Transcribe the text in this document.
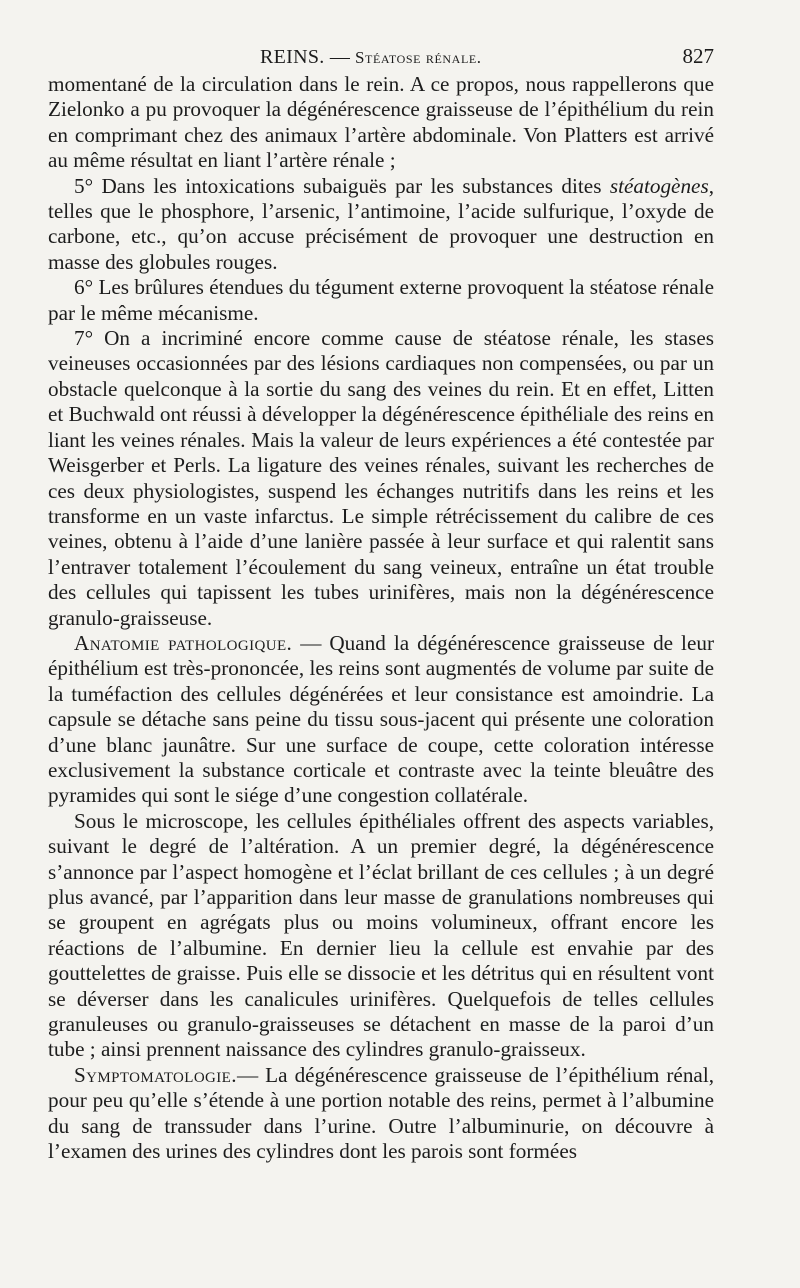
REINS. — Stéatose rénale.	827

momentané de la circulation dans le rein. A ce propos, nous rappellerons que Zielonko a pu provoquer la dégénérescence graisseuse de l’épithélium du rein en comprimant chez des animaux l’artère abdominale. Von Platters est arrivé au même résultat en liant l’artère rénale ;

5° Dans les intoxications subaiguës par les substances dites stéatogènes, telles que le phosphore, l’arsenic, l’antimoine, l’acide sulfurique, l’oxyde de carbone, etc., qu’on accuse précisément de provoquer une destruction en masse des globules rouges.

6° Les brûlures étendues du tégument externe provoquent la stéatose rénale par le même mécanisme.

7° On a incriminé encore comme cause de stéatose rénale, les stases veineuses occasionnées par des lésions cardiaques non compensées, ou par un obstacle quelconque à la sortie du sang des veines du rein. Et en effet, Litten et Buchwald ont réussi à développer la dégénérescence épithéliale des reins en liant les veines rénales. Mais la valeur de leurs expériences a été contestée par Weisgerber et Perls. La ligature des veines rénales, suivant les recherches de ces deux physiologistes, suspend les échanges nutritifs dans les reins et les transforme en un vaste infarctus. Le simple rétrécissement du calibre de ces veines, obtenu à l’aide d’une lanière passée à leur surface et qui ralentit sans l’entraver totalement l’écoulement du sang veineux, entraîne un état trouble des cellules qui tapissent les tubes urinifères, mais non la dégénérescence granulo-graisseuse.

Anatomie pathologique. — Quand la dégénérescence graisseuse de leur épithélium est très-prononcée, les reins sont augmentés de volume par suite de la tuméfaction des cellules dégénérées et leur consistance est amoindrie. La capsule se détache sans peine du tissu sous-jacent qui présente une coloration d’une blanc jaunâtre. Sur une surface de coupe, cette coloration intéresse exclusivement la substance corticale et contraste avec la teinte bleuâtre des pyramides qui sont le siége d’une congestion collatérale.

Sous le microscope, les cellules épithéliales offrent des aspects variables, suivant le degré de l’altération. A un premier degré, la dégénérescence s’annonce par l’aspect homogène et l’éclat brillant de ces cellules ; à un degré plus avancé, par l’apparition dans leur masse de granulations nombreuses qui se groupent en agrégats plus ou moins volumineux, offrant encore les réactions de l’albumine. En dernier lieu la cellule est envahie par des gouttelettes de graisse. Puis elle se dissocie et les détritus qui en résultent vont se déverser dans les canalicules urinifères. Quelquefois de telles cellules granuleuses ou granulo-graisseuses se détachent en masse de la paroi d’un tube ; ainsi prennent naissance des cylindres granulo-graisseux.

Symptomatologie.— La dégénérescence graisseuse de l’épithélium rénal, pour peu qu’elle s’étende à une portion notable des reins, permet à l’albumine du sang de transsuder dans l’urine. Outre l’albuminurie, on découvre à l’examen des urines des cylindres dont les parois sont formées
